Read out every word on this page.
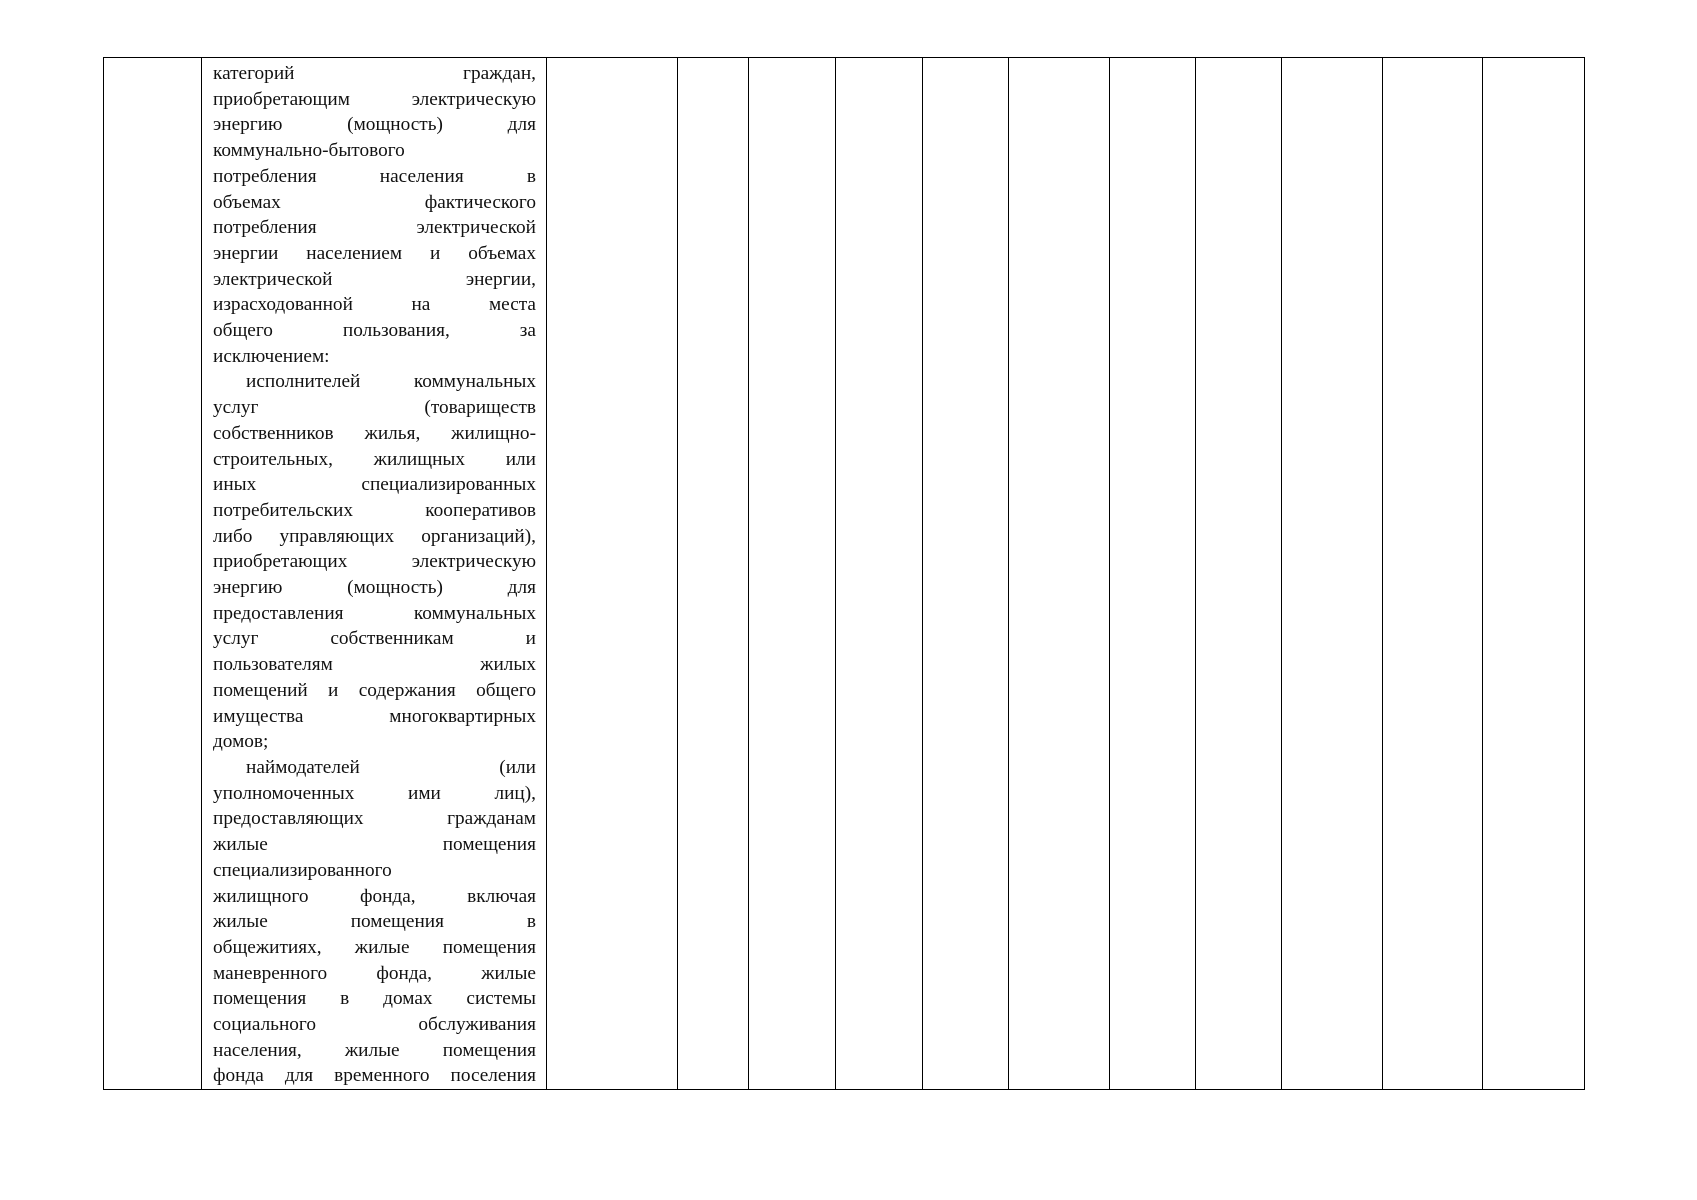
категорий граждан,
приобретающим электрическую
энергию (мощность) для
коммунально-бытового
потребления населения в
объемах фактического
потребления электрической
энергии населением и объемах
электрической энергии,
израсходованной на места
общего пользования, за
исключением:
исполнителей коммунальных
услуг (товариществ
собственников жилья, жилищно-
строительных, жилищных или
иных специализированных
потребительских кооперативов
либо управляющих организаций),
приобретающих электрическую
энергию (мощность) для
предоставления коммунальных
услуг собственникам и
пользователям жилых
помещений и содержания общего
имущества многоквартирных
домов;
наймодателей (или
уполномоченных ими лиц),
предоставляющих гражданам
жилые помещения
специализированного
жилищного фонда, включая
жилые помещения в
общежитиях, жилые помещения
маневренного фонда, жилые
помещения в домах системы
социального обслуживания
населения, жилые помещения
фонда для временного поселения
